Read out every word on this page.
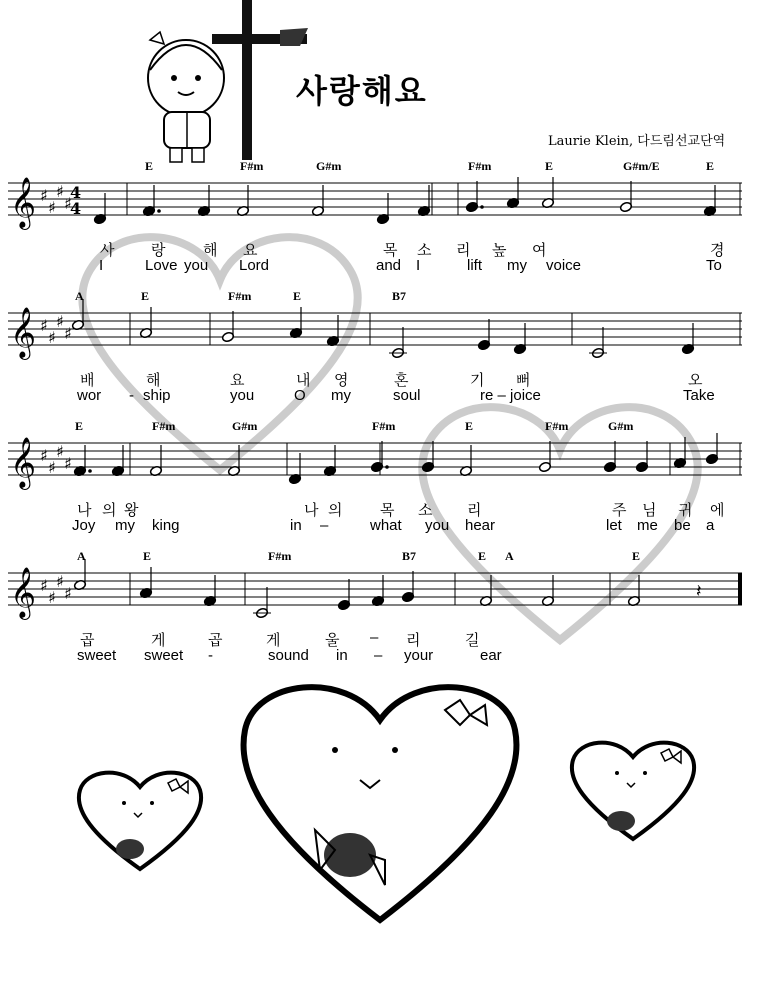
사랑해요
Laurie Klein, 다드림선교단역
𝄞 ♯
♯
♯
♯
4
4
𝄞 ♯
♯
♯
♯
𝄞 ♯
♯
♯
♯
𝄞 ♯
♯
♯
♯	𝄽
E	F#m	G#m	F#m	E	G#m/E	E
A	E	F#m	E	B7
E	F#m	G#m	F#m	E	F#m	G#m
A	E	F#m	B7	E A	E
사 랑	해 요	목 소 리 높 여	경
I	Love you Lord	and I	lift my voice	To
배	해	요	내 영	혼	기 뻐	오
wor - ship	you	O my	soul	re – joice	Take
나 의 왕	나 의	목 소 리	주 님 귀 에
Joy my king	in –	what you hear	let me be a
곱	게	곱	게	울 – 리	길
sweet sweet -	sound in – your	ear
